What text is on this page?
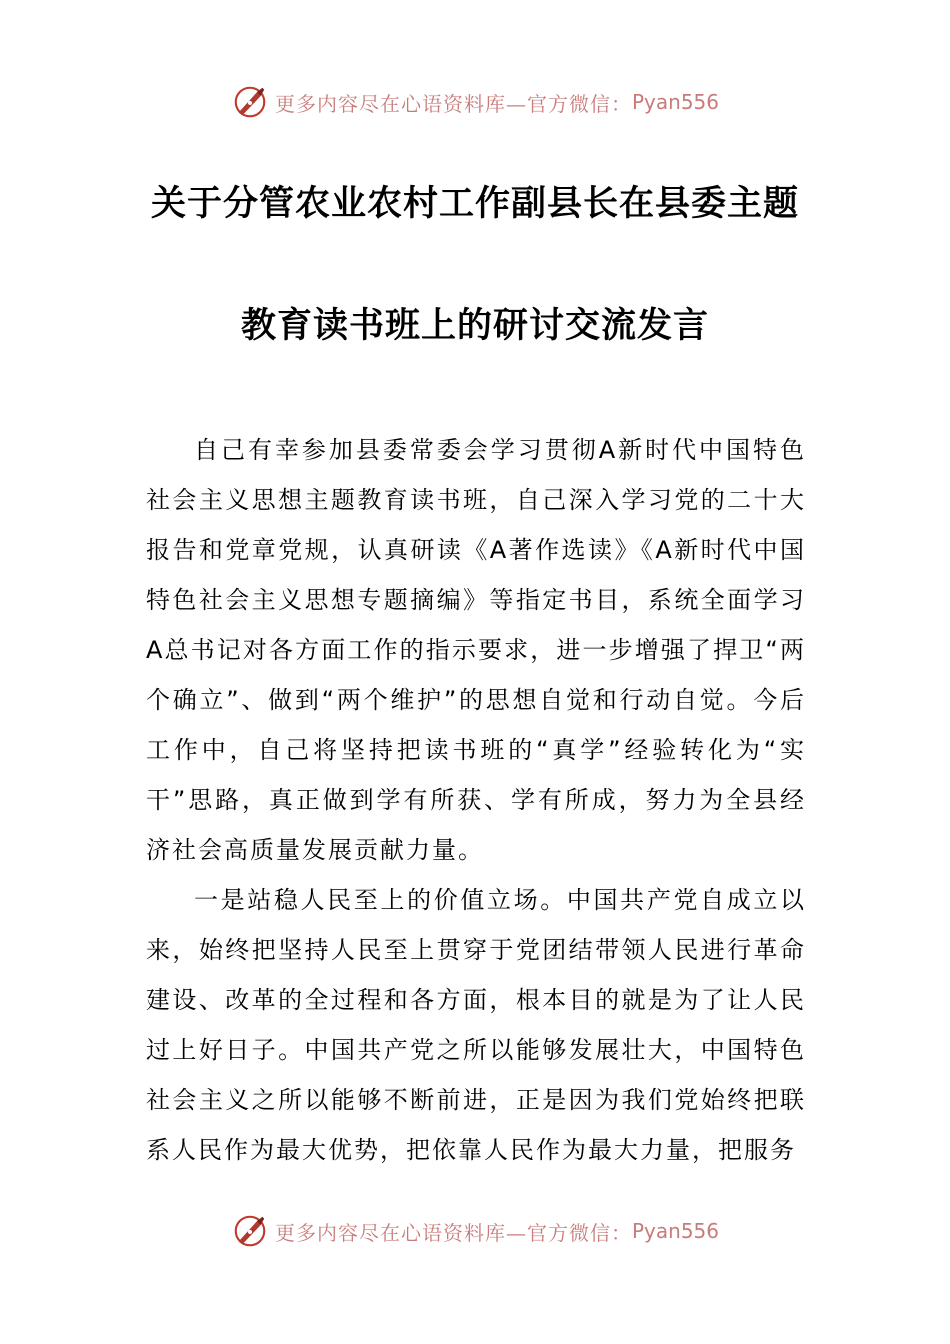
更多内容尽在心语资料库—官方微信： Pyan556
关于分管农业农村工作副县长在县委主题
教育读书班上的研讨交流发言

自己有幸参加县委常委会学习贯彻A新时代中国特色社会主义思想主题教育读书班，自己深入学习党的二十大报告和党章党规，认真研读《A著作选读》《A新时代中国特色社会主义思想专题摘编》等指定书目，系统全面学习A总书记对各方面工作的指示要求，进一步增强了捍卫“两个确立”、做到“两个维护”的思想自觉和行动自觉。今后工作中，自己将坚持把读书班的“真学”经验转化为“实干”思路，真正做到学有所获、学有所成，努力为全县经济社会高质量发展贡献力量。

一是站稳人民至上的价值立场。中国共产党自成立以来，始终把坚持人民至上贯穿于党团结带领人民进行革命建设、改革的全过程和各方面，根本目的就是为了让人民过上好日子。中国共产党之所以能够发展壮大，中国特色社会主义之所以能够不断前进，正是因为我们党始终把联系人民作为最大优势，把依靠人民作为最大力量，把服务

更多内容尽在心语资料库—官方微信： Pyan556
